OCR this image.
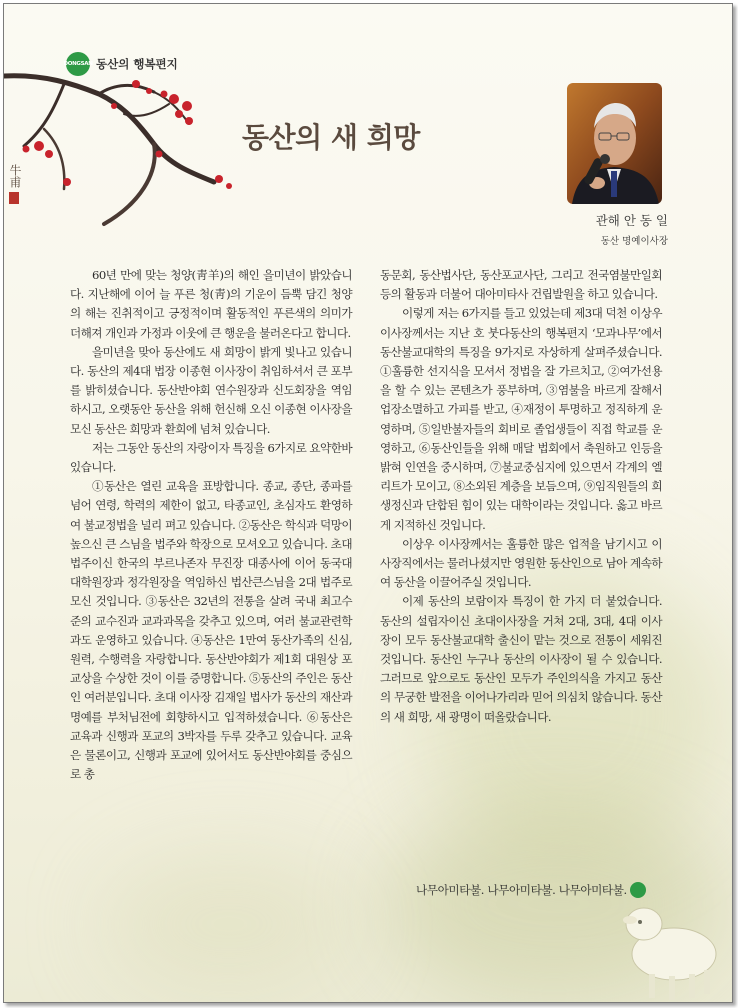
牛甫
DONGSAN 동산의 행복편지
동산의 새 희망
관해 안 동 일
동산 명예이사장

60년 만에 맞는 청양(靑羊)의 해인 을미년이 밝았습니다. 지난해에 이어 늘 푸른 청(靑)의 기운이 듬뿍 담긴 청양의 해는 진취적이고 긍정적이며 활동적인 푸른색의 의미가 더해져 개인과 가정과 이웃에 큰 행운을 불러온다고 합니다.

을미년을 맞아 동산에도 새 희망이 밝게 빛나고 있습니다. 동산의 제4대 법장 이종현 이사장이 취임하셔서 큰 포부를 밝히셨습니다. 동산반야회 연수원장과 신도회장을 역임하시고, 오랫동안 동산을 위해 헌신해 오신 이종현 이사장을 모신 동산은 희망과 환희에 넘쳐 있습니다.

저는 그동안 동산의 자랑이자 특징을 6가지로 요약한바 있습니다.

①동산은 열린 교육을 표방합니다. 종교, 종단, 종파를 넘어 연령, 학력의 제한이 없고, 타종교인, 초심자도 환영하여 불교정법을 널리 펴고 있습니다. ②동산은 학식과 덕망이 높으신 큰 스님을 법주와 학장으로 모셔오고 있습니다. 초대 법주이신 한국의 부르나존자 무진장 대종사에 이어 동국대 대학원장과 정각원장을 역임하신 법산큰스님을 2대 법주로 모신 것입니다. ③동산은 32년의 전통을 살려 국내 최고수준의 교수진과 교과과목을 갖추고 있으며, 여러 불교관련학과도 운영하고 있습니다. ④동산은 1만여 동산가족의 신심, 원력, 수행력을 자랑합니다. 동산반야회가 제1회 대원상 포교상을 수상한 것이 이를 증명합니다. ⑤동산의 주인은 동산인 여러분입니다. 초대 이사장 김재일 법사가 동산의 재산과 명예를 부처님전에 회향하시고 입적하셨습니다. ⑥동산은 교육과 신행과 포교의 3박자를 두루 갖추고 있습니다. 교육은 물론이고, 신행과 포교에 있어서도 동산반야회를 중심으로 총

동문회, 동산법사단, 동산포교사단, 그리고 전국염불만일회 등의 활동과 더불어 대아미타사 건립발원을 하고 있습니다.

이렇게 저는 6가지를 들고 있었는데 제3대 덕천 이상우 이사장께서는 지난 호 붓다동산의 행복편지 ‘모과나무’에서 동산불교대학의 특징을 9가지로 자상하게 살펴주셨습니다. ①훌륭한 선지식을 모셔서 정법을 잘 가르치고, ②여가선용을 할 수 있는 콘텐츠가 풍부하며, ③염불을 바르게 잘해서 업장소멸하고 가피를 받고, ④재정이 투명하고 정직하게 운영하며, ⑤일반불자들의 회비로 졸업생들이 직접 학교를 운영하고, ⑥동산인들을 위해 매달 법회에서 축원하고 인등을 밝혀 인연을 중시하며, ⑦불교중심지에 있으면서 각계의 엘리트가 모이고, ⑧소외된 계층을 보듬으며, ⑨임직원들의 희생정신과 단합된 힘이 있는 대학이라는 것입니다. 옳고 바르게 지적하신 것입니다.

이상우 이사장께서는 훌륭한 많은 업적을 남기시고 이사장직에서는 물러나셨지만 영원한 동산인으로 남아 계속하여 동산을 이끌어주실 것입니다.

이제 동산의 보람이자 특징이 한 가지 더 붙었습니다. 동산의 설립자이신 초대이사장을 거쳐 2대, 3대, 4대 이사장이 모두 동산불교대학 출신이 맡는 것으로 전통이 세워진 것입니다. 동산인 누구나 동산의 이사장이 될 수 있습니다. 그러므로 앞으로도 동산인 모두가 주인의식을 가지고 동산의 무궁한 발전을 이어나가리라 믿어 의심치 않습니다. 동산의 새 희망, 새 광명이 떠올랐습니다.

나무아미타불. 나무아미타불. 나무아미타불.
